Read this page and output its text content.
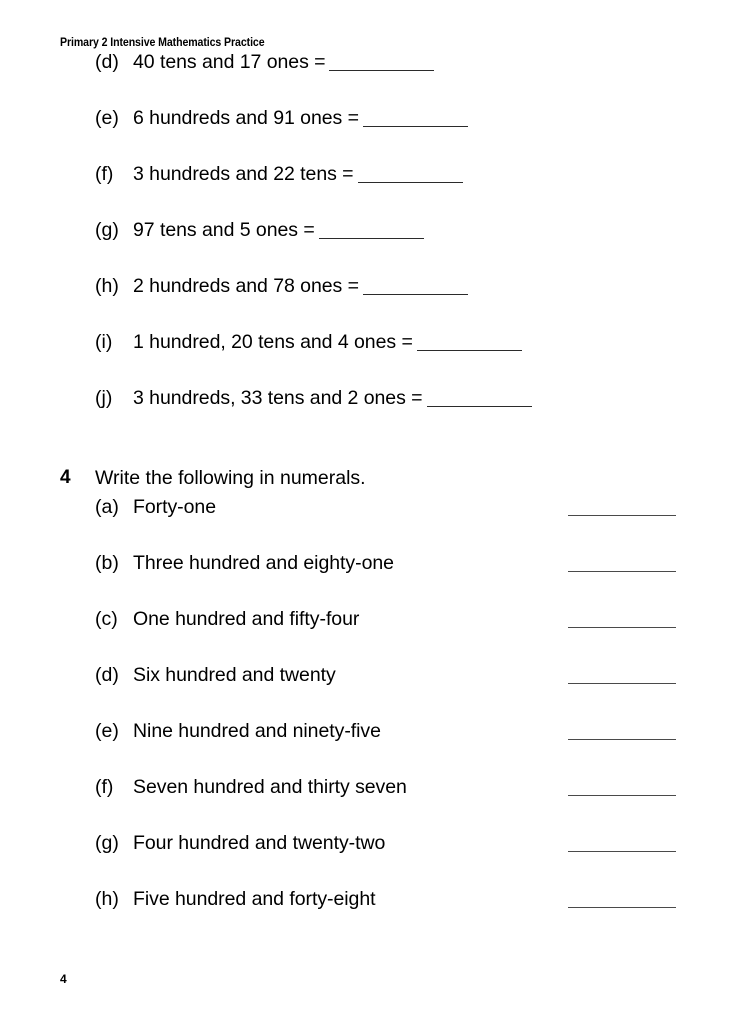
Primary 2 Intensive Mathematics Practice
(d) 40 tens and 17 ones =
(e) 6 hundreds and 91 ones =
(f)	3 hundreds and 22 tens =
(g) 97 tens and 5 ones =
(h) 2 hundreds and 78 ones =
(i)	1 hundred, 20 tens and 4 ones =
(j)	3 hundreds, 33 tens and 2 ones =
4 Write the following in numerals.
(a) Forty-one
(b) Three hundred and eighty-one
(c) One hundred and fifty-four
(d) Six hundred and twenty
(e) Nine hundred and ninety-five
(f)	Seven hundred and thirty seven
(g) Four hundred and twenty-two
(h) Five hundred and forty-eight
4
